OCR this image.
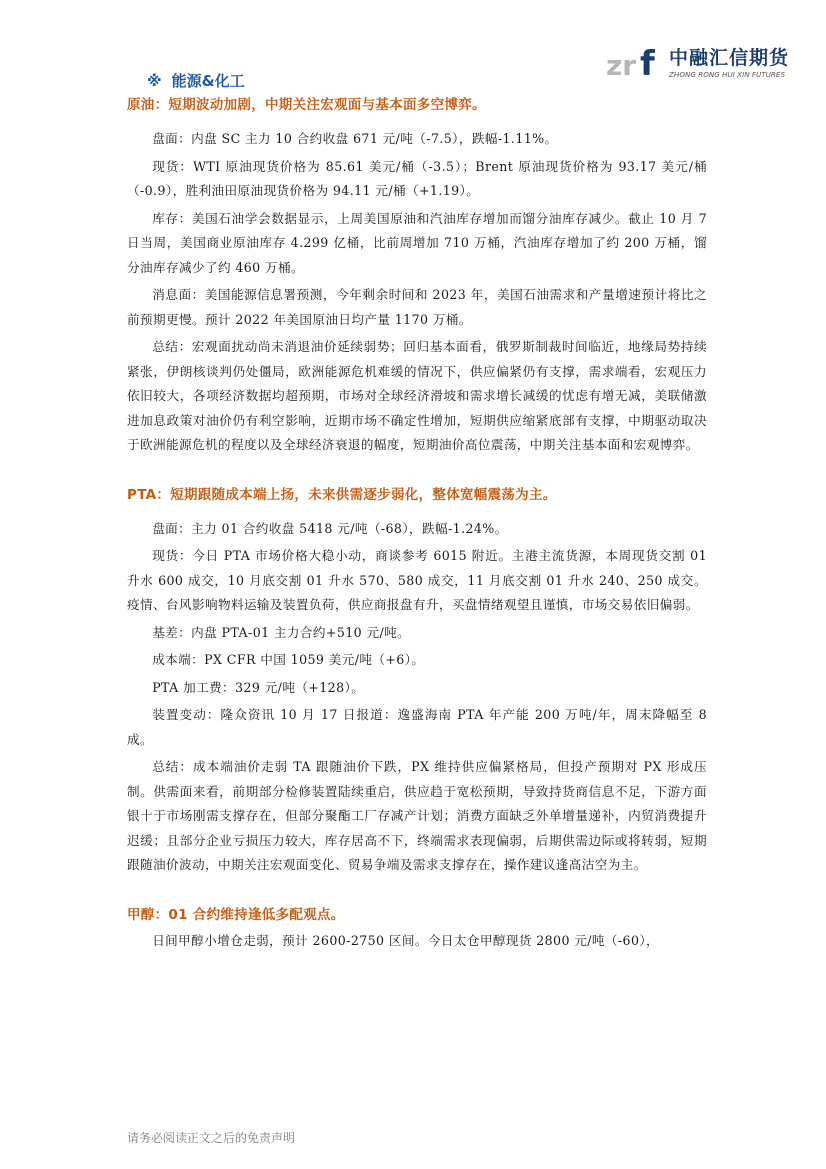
zr f 中融汇信期货
ZHONG RONG HUI XIN FUTURES
※ 能源&化工
原油：短期波动加剧，中期关注宏观面与基本面多空博弈。

盘面：内盘 SC 主力 10 合约收盘 671 元/吨（-7.5），跌幅-1.11%。

现货：WTI 原油现货价格为 85.61 美元/桶（-3.5）；Brent 原油现货价格为 93.17 美元/桶（-0.9），胜利油田原油现货价格为 94.11 元/桶（+1.19）。

库存：美国石油学会数据显示，上周美国原油和汽油库存增加而馏分油库存减少。截止 10 月 7 日当周，美国商业原油库存 4.299 亿桶，比前周增加 710 万桶，汽油库存增加了约 200 万桶，馏分油库存减少了约 460 万桶。

消息面：美国能源信息署预测，今年剩余时间和 2023 年，美国石油需求和产量增速预计将比之前预期更慢。预计 2022 年美国原油日均产量 1170 万桶。

总结：宏观面扰动尚未消退油价延续弱势；回归基本面看，俄罗斯制裁时间临近，地缘局势持续紧张，伊朗核谈判仍处僵局，欧洲能源危机难缓的情况下，供应偏紧仍有支撑，需求端看，宏观压力依旧较大，各项经济数据均超预期，市场对全球经济滑坡和需求增长减缓的忧虑有增无减，美联储激进加息政策对油价仍有利空影响，近期市场不确定性增加，短期供应缩紧底部有支撑，中期驱动取决于欧洲能源危机的程度以及全球经济衰退的幅度，短期油价高位震荡，中期关注基本面和宏观博弈。

PTA：短期跟随成本端上扬，未来供需逐步弱化，整体宽幅震荡为主。

盘面：主力 01 合约收盘 5418 元/吨（-68），跌幅-1.24%。

现货：今日 PTA 市场价格大稳小动，商谈参考 6015 附近。主港主流货源，本周现货交割 01 升水 600 成交，10 月底交割 01 升水 570、580 成交，11 月底交割 01 升水 240、250 成交。疫情、台风影响物料运输及装置负荷，供应商报盘有升，买盘情绪观望且谨慎，市场交易依旧偏弱。

基差：内盘 PTA-01 主力合约+510 元/吨。

成本端：PX CFR 中国 1059 美元/吨（+6）。

PTA 加工费：329 元/吨（+128）。

装置变动：隆众资讯 10 月 17 日报道：逸盛海南 PTA 年产能 200 万吨/年，周末降幅至 8 成。

总结：成本端油价走弱 TA 跟随油价下跌，PX 维持供应偏紧格局，但投产预期对 PX 形成压制。供需面来看，前期部分检修装置陆续重启，供应趋于宽松预期，导致持货商信息不足，下游方面银十于市场刚需支撑存在，但部分聚酯工厂存减产计划；消费方面缺乏外单增量递补，内贸消费提升迟缓；且部分企业亏损压力较大，库存居高不下，终端需求表现偏弱，后期供需边际或将转弱，短期跟随油价波动，中期关注宏观面变化、贸易争端及需求支撑存在，操作建议逢高沽空为主。

甲醇：01 合约维持逢低多配观点。

日间甲醇小增仓走弱，预计 2600-2750 区间。今日太仓甲醇现货 2800 元/吨（-60），

请务必阅读正文之后的免责声明
